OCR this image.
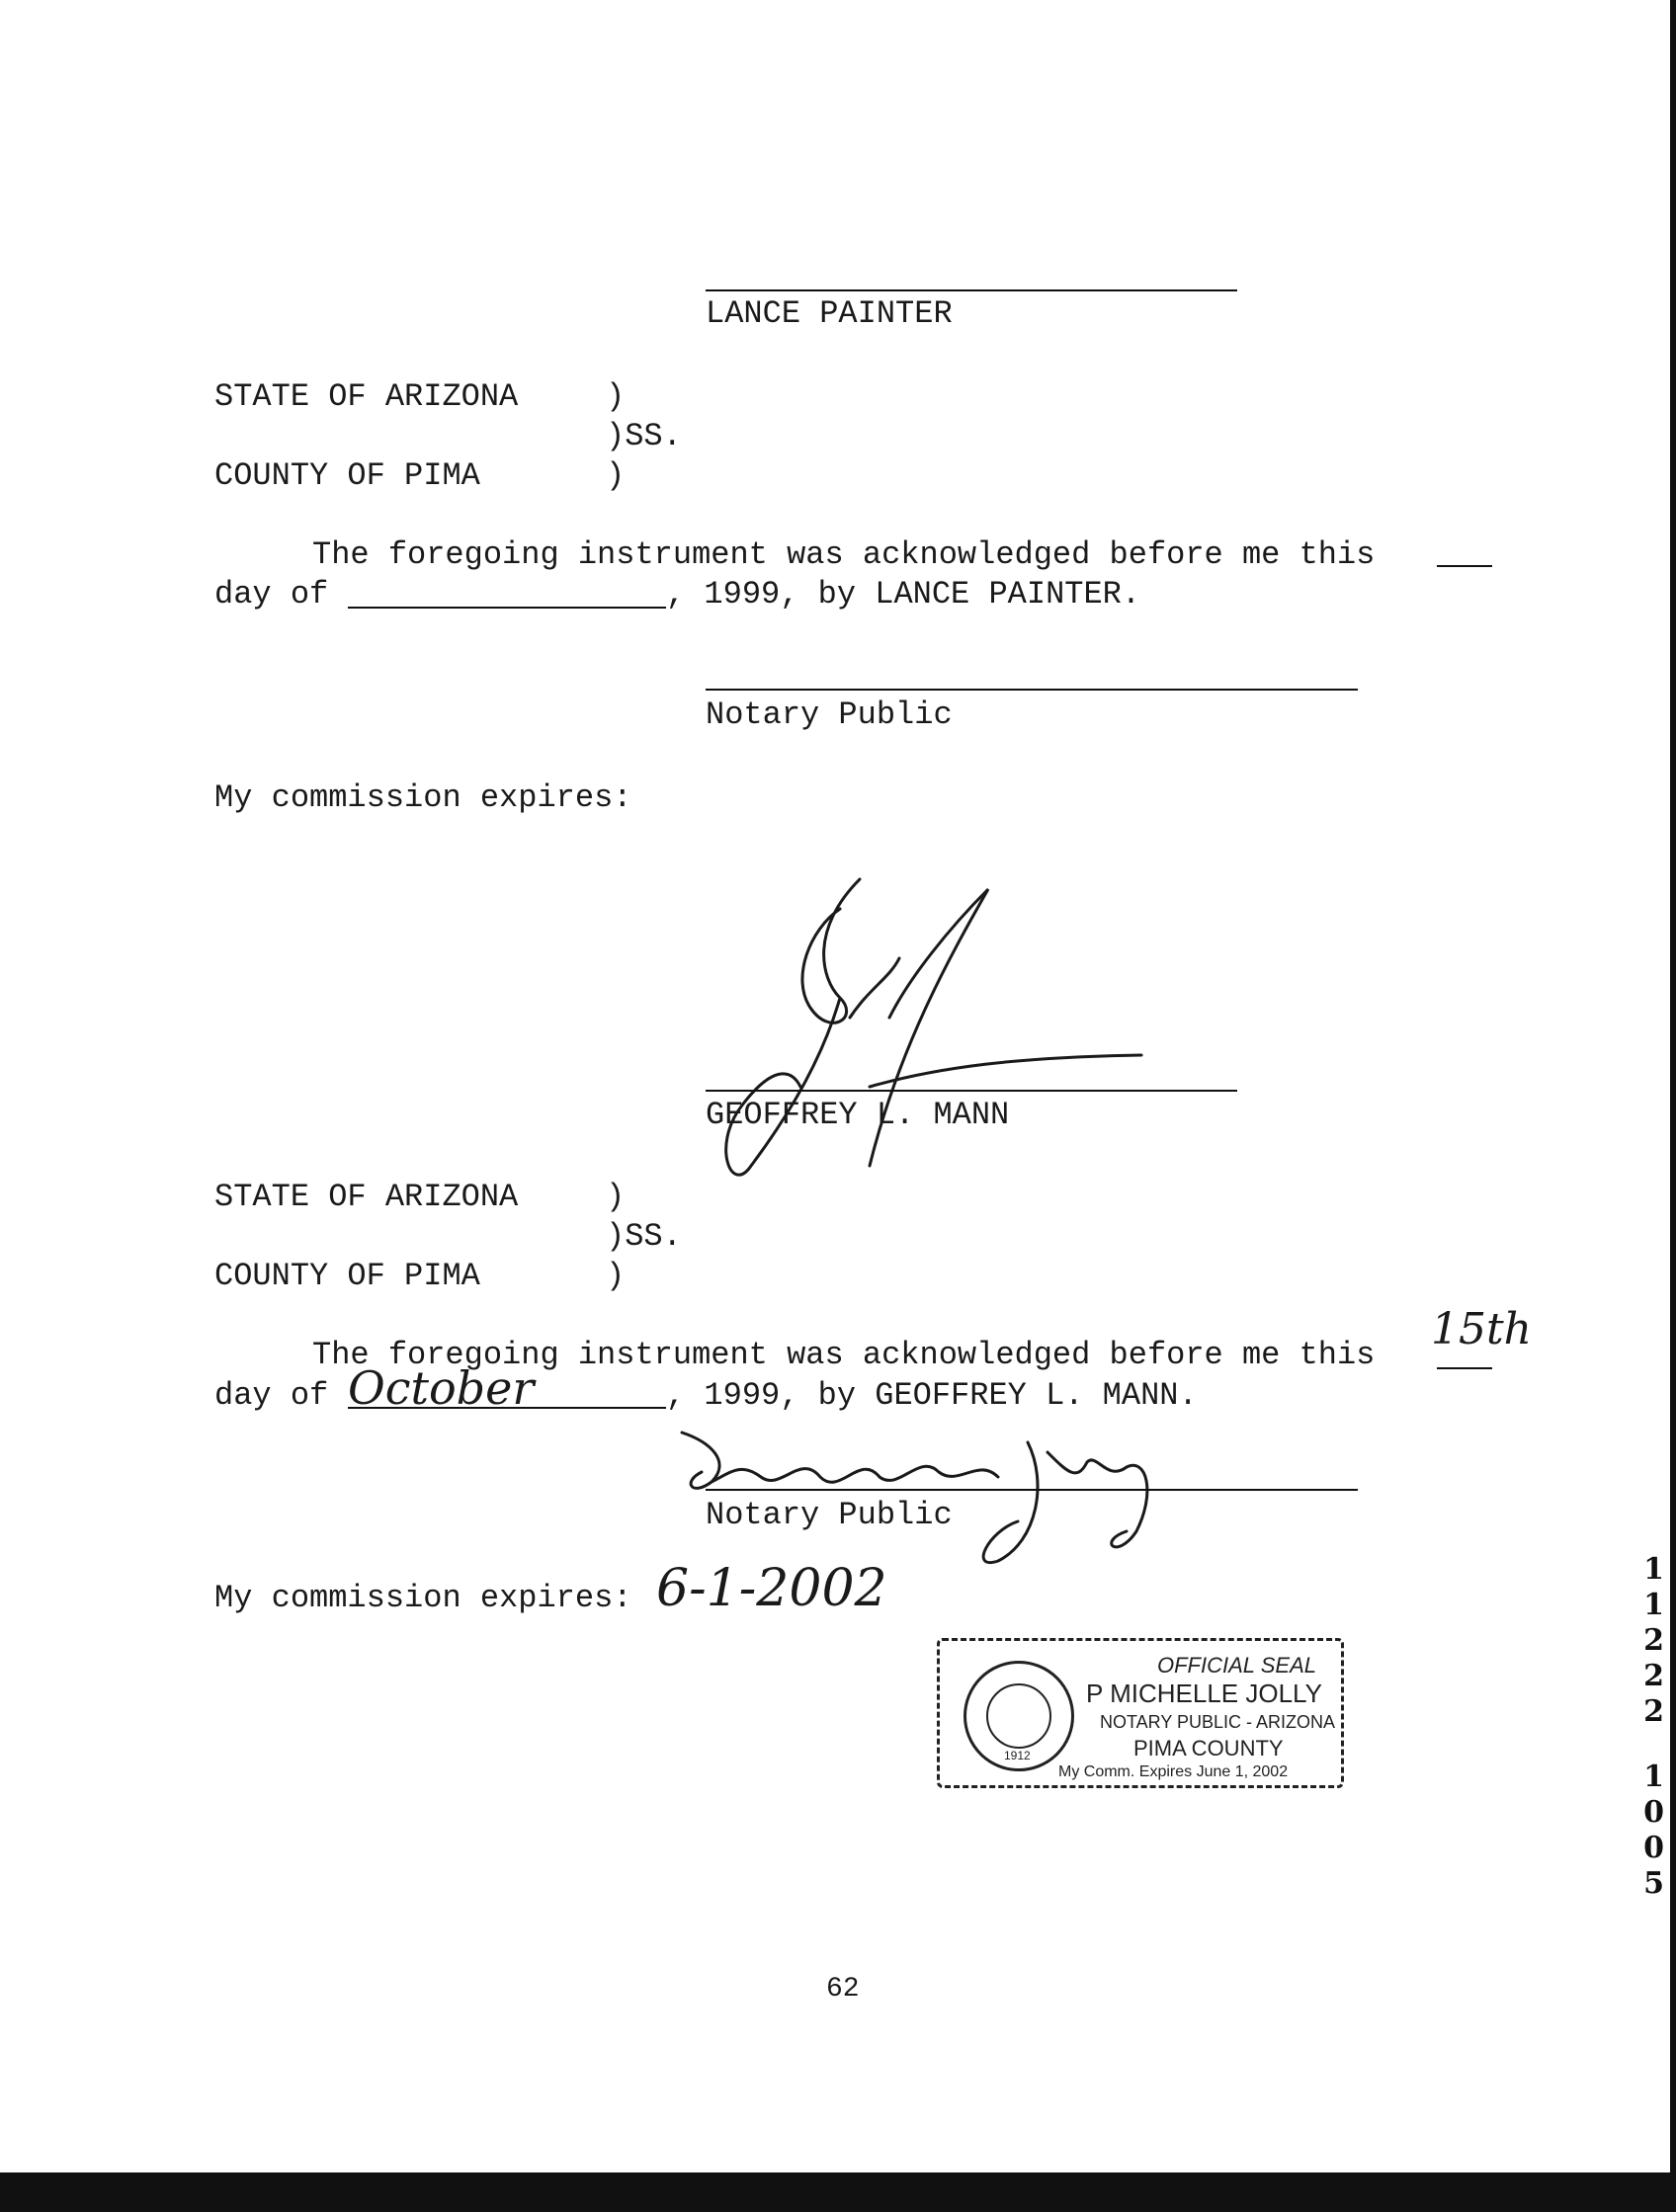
LANCE PAINTER
STATE OF ARIZONA	)
)SS.
COUNTY OF PIMA	)
The foregoing instrument was acknowledged before me this
day of	, 1999, by LANCE PAINTER.
Notary Public
My commission expires:
GEOFFREY L. MANN
STATE OF ARIZONA	)
)SS.
COUNTY OF PIMA	)
The foregoing instrument was acknowledged before me this
15th
day of October	, 1999, by GEOFFREY L. MANN.
Notary Public
My commission expires: 6-1-2002
1912
OFFICIAL SEAL
P MICHELLE JOLLY
NOTARY PUBLIC - ARIZONA
PIMA COUNTY
My Comm. Expires June 1, 2002
62
1
1
2
2
2
1
0
0
5
